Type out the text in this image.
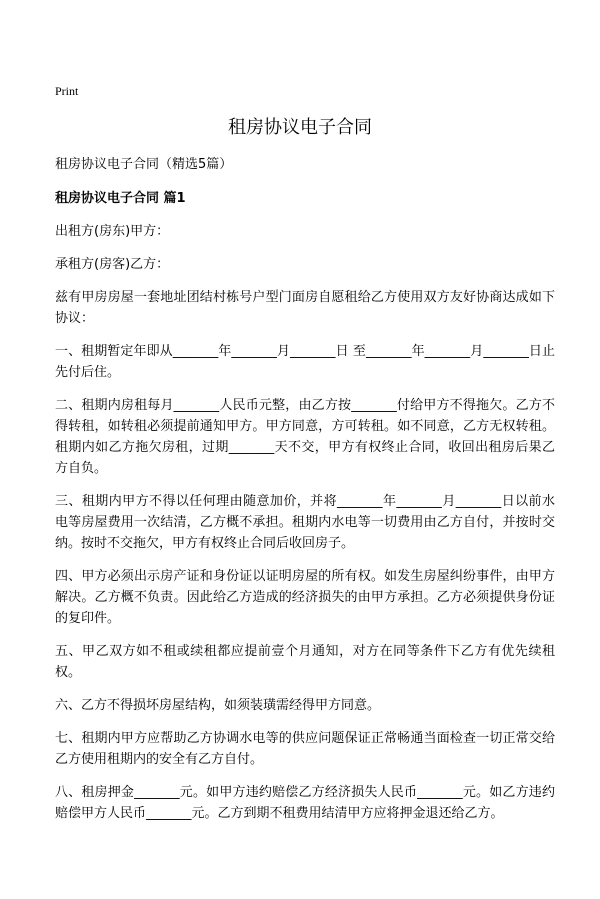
Print
租房协议电子合同

租房协议电子合同（精选5篇）

租房协议电子合同 篇1

出租方(房东)甲方：

承租方(房客)乙方：

兹有甲房房屋一套地址团结村栋号户型门面房自愿租给乙方使用双方友好协商达成如下协议：

一、租期暂定年即从_______年_______月_______日 至_______年_______月_______日止先付后住。

二、租期内房租每月_______人民币元整，由乙方按_______付给甲方不得拖欠。乙方不得转租，如转租必须提前通知甲方。甲方同意，方可转租。如不同意，乙方无权转租。租期内如乙方拖欠房租，过期_______天不交，甲方有权终止合同，收回出租房后果乙方自负。

三、租期内甲方不得以任何理由随意加价，并将_______年_______月_______日以前水电等房屋费用一次结清，乙方概不承担。租期内水电等一切费用由乙方自付，并按时交纳。按时不交拖欠，甲方有权终止合同后收回房子。

四、甲方必须出示房产证和身份证以证明房屋的所有权。如发生房屋纠纷事件，由甲方解决。乙方概不负责。因此给乙方造成的经济损失的由甲方承担。乙方必须提供身份证的复印件。

五、甲乙双方如不租或续租都应提前壹个月通知，对方在同等条件下乙方有优先续租权。

六、乙方不得损坏房屋结构，如须装璜需经得甲方同意。

七、租期内甲方应帮助乙方协调水电等的供应问题保证正常畅通当面检查一切正常交给乙方使用租期内的安全有乙方自付。

八、租房押金_______元。如甲方违约赔偿乙方经济损失人民币_______元。如乙方违约赔偿甲方人民币_______元。乙方到期不租费用结清甲方应将押金退还给乙方。
